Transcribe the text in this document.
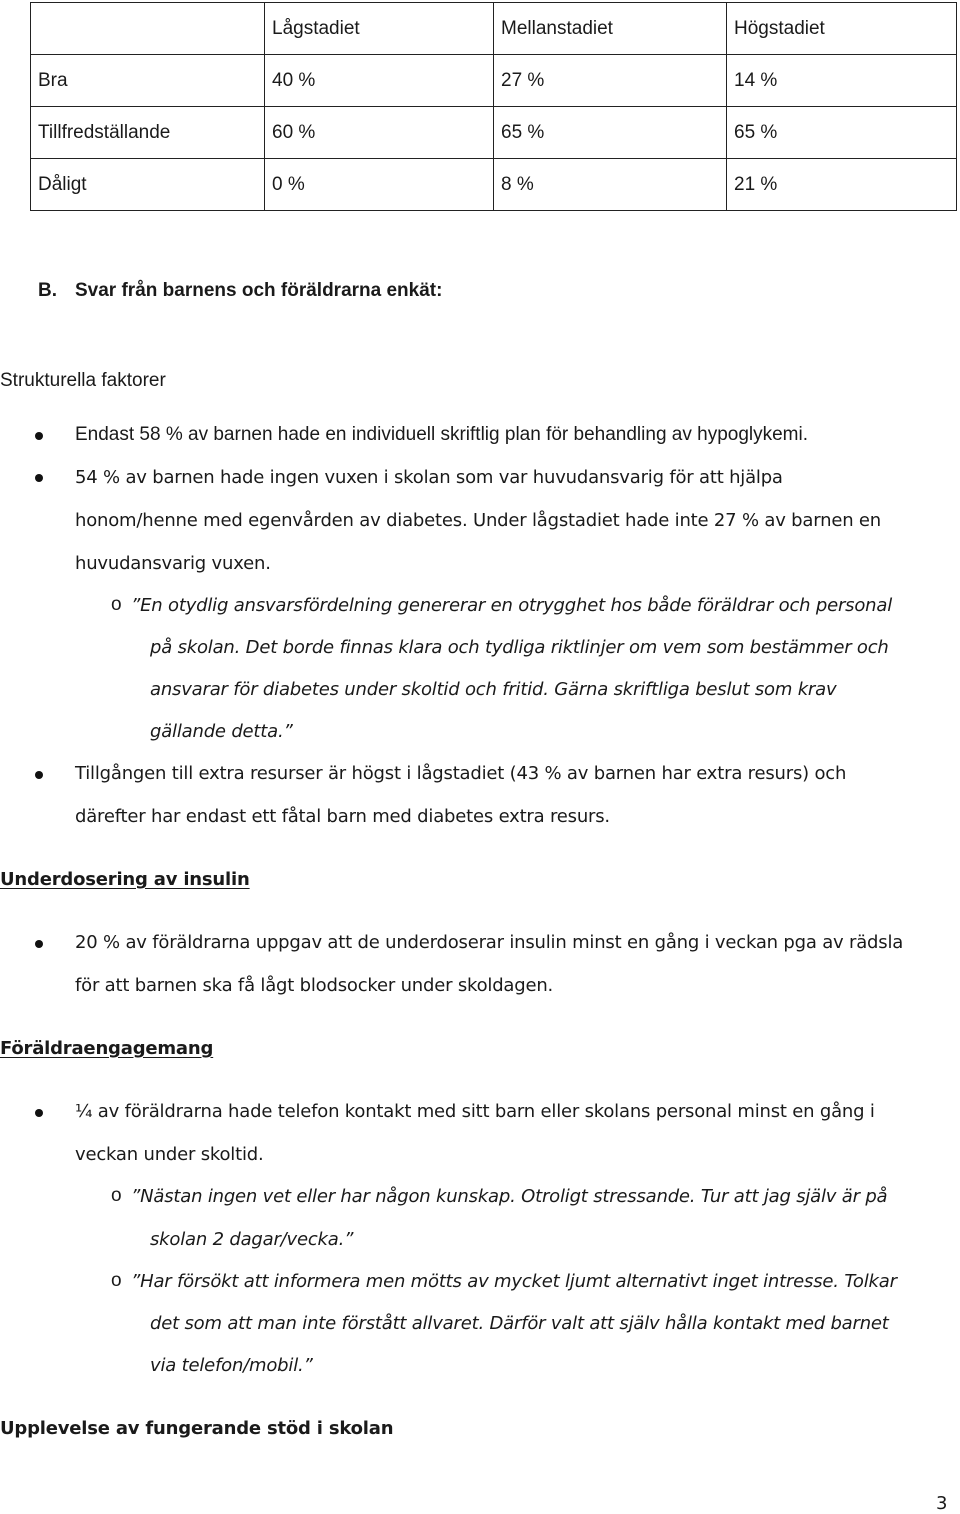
	Lågstadiet	Mellanstadiet	Högstadiet
Bra	40 %	27 %	14 %
Tillfredställande	60 %	65 %	65 %
Dåligt	0 %	8 %	21 %
B. Svar från barnens och föräldrarna enkät:
Strukturella faktorer
Endast 58 % av barnen hade en individuell skriftlig plan för behandling av hypoglykemi.
54 % av barnen hade ingen vuxen i skolan som var huvudansvarig för att hjälpa
honom/henne med egenvården av diabetes. Under lågstadiet hade inte 27 % av barnen en
huvudansvarig vuxen.
o ”En otydlig ansvarsfördelning genererar en otrygghet hos både föräldrar och personal
på skolan. Det borde finnas klara och tydliga riktlinjer om vem som bestämmer och
ansvarar för diabetes under skoltid och fritid. Gärna skriftliga beslut som krav
gällande detta.”
Tillgången till extra resurser är högst i lågstadiet (43 % av barnen har extra resurs) och
därefter har endast ett fåtal barn med diabetes extra resurs.
Underdosering av insulin
20 % av föräldrarna uppgav att de underdoserar insulin minst en gång i veckan pga av rädsla
för att barnen ska få lågt blodsocker under skoldagen.
Föräldraengagemang
¼ av föräldrarna hade telefon kontakt med sitt barn eller skolans personal minst en gång i
veckan under skoltid.
o ”Nästan ingen vet eller har någon kunskap. Otroligt stressande. Tur att jag själv är på
skolan 2 dagar/vecka.”
o ”Har försökt att informera men mötts av mycket ljumt alternativt inget intresse. Tolkar
det som att man inte förstått allvaret. Därför valt att själv hålla kontakt med barnet
via telefon/mobil.”
Upplevelse av fungerande stöd i skolan
3
